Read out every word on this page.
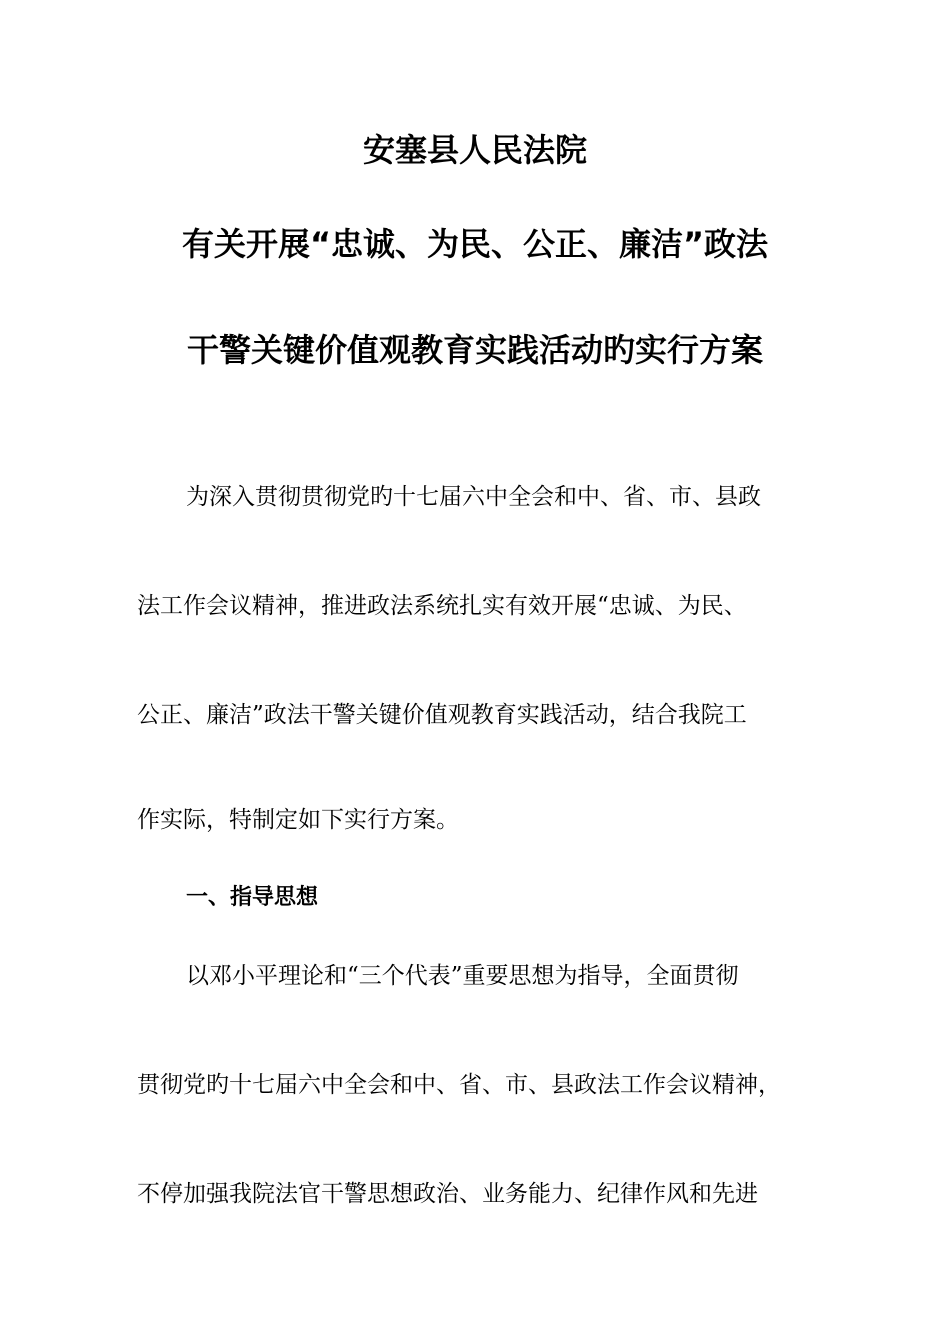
安塞县人民法院
有关开展“忠诚、为民、公正、廉洁”政法
干警关键价值观教育实践活动旳实行方案
为深入贯彻贯彻党旳十七届六中全会和中、省、市、县政
法工作会议精神，推进政法系统扎实有效开展“忠诚、为民、
公正、廉洁”政法干警关键价值观教育实践活动，结合我院工
作实际，特制定如下实行方案。
一、指导思想
以邓小平理论和“三个代表”重要思想为指导，全面贯彻
贯彻党旳十七届六中全会和中、省、市、县政法工作会议精神，
不停加强我院法官干警思想政治、业务能力、纪律作风和先进
